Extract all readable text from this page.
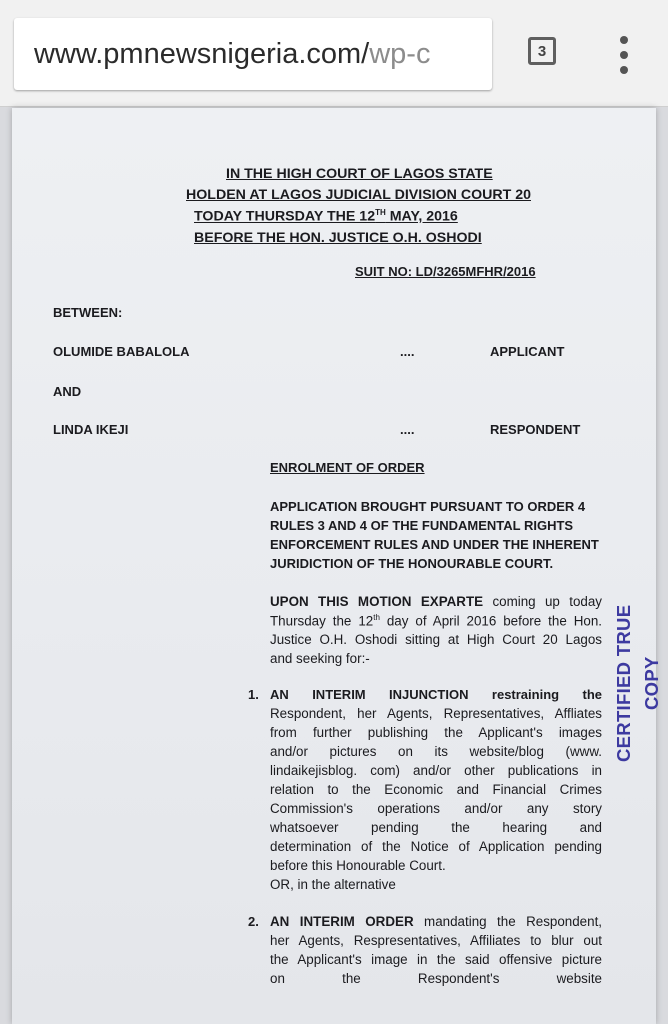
www.pmnewsnigeria.com/wp-c	3
IN THE HIGH COURT OF LAGOS STATE
HOLDEN AT LAGOS JUDICIAL DIVISION COURT 20
TODAY THURSDAY THE 12TH MAY, 2016
BEFORE THE HON. JUSTICE O.H. OSHODI
SUIT NO: LD/3265MFHR/2016
BETWEEN:
OLUMIDE BABALOLA	....	APPLICANT
AND
LINDA IKEJI	....	RESPONDENT
ENROLMENT OF ORDER
APPLICATION BROUGHT PURSUANT TO ORDER 4
RULES 3 AND 4 OF THE FUNDAMENTAL RIGHTS
ENFORCEMENT RULES AND UNDER THE INHERENT
JURIDICTION OF THE HONOURABLE COURT.
UPON THIS MOTION EXPARTE coming up today
Thursday the 12th day of April 2016 before the Hon.
Justice O.H. Oshodi sitting at High Court 20 Lagos
and seeking for:-
1. AN INTERIM INJUNCTION restraining the
Respondent, her Agents, Representatives, Affliates
from further publishing the Applicant's images
and/or pictures on its website/blog (www.
lindaikejisblog. com) and/or other publications in
relation to the Economic and Financial Crimes
Commission's operations and/or any story
whatsoever pending the hearing and
determination of the Notice of Application pending
before this Honourable Court.
OR, in the alternative
2. AN INTERIM ORDER mandating the Respondent,
her Agents, Respresentatives, Affiliates to blur out
the Applicant's image in the said offensive picture
on the Respondent's website
CERTIFIED TRUE COPY
